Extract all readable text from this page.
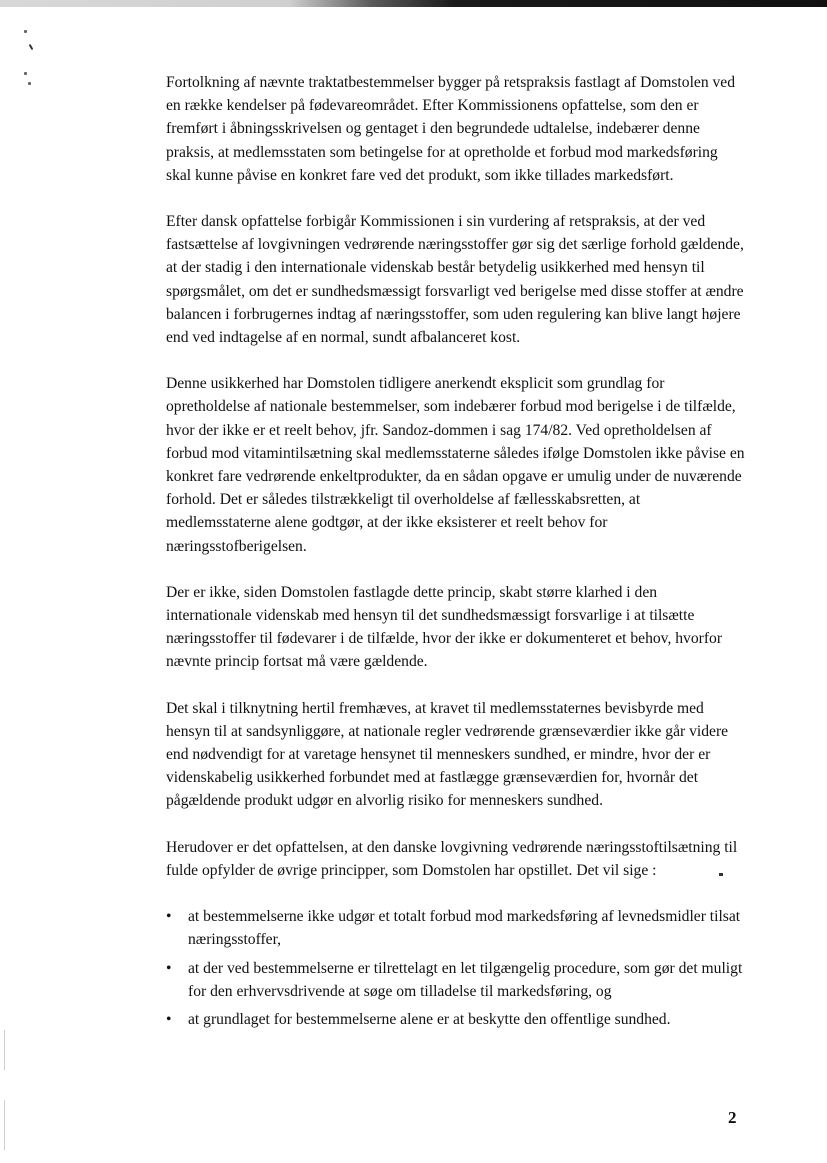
Fortolkning af nævnte traktatbestemmelser bygger på retspraksis fastlagt af Domstolen ved en række kendelser på fødevareområdet. Efter Kommissionens opfattelse, som den er fremført i åbningsskrivelsen og gentaget i den begrundede udtalelse, indebærer denne praksis, at medlemsstaten som betingelse for at opretholde et forbud mod markedsføring skal kunne påvise en konkret fare ved det produkt, som ikke tillades markedsført.

Efter dansk opfattelse forbigår Kommissionen i sin vurdering af retspraksis, at der ved fastsættelse af lovgivningen vedrørende næringsstoffer gør sig det særlige forhold gældende, at der stadig i den internationale videnskab består betydelig usikkerhed med hensyn til spørgsmålet, om det er sundhedsmæssigt forsvarligt ved berigelse med disse stoffer at ændre balancen i forbrugernes indtag af næringsstoffer, som uden regulering kan blive langt højere end ved indtagelse af en normal, sundt afbalanceret kost.

Denne usikkerhed har Domstolen tidligere anerkendt eksplicit som grundlag for opretholdelse af nationale bestemmelser, som indebærer forbud mod berigelse i de tilfælde, hvor der ikke er et reelt behov, jfr. Sandoz-dommen i sag 174/82. Ved opretholdelsen af forbud mod vitamintilsætning skal medlemsstaterne således ifølge Domstolen ikke påvise en konkret fare vedrørende enkeltprodukter, da en sådan opgave er umulig under de nuværende forhold. Det er således tilstrækkeligt til overholdelse af fællesskabsretten, at medlemsstaterne alene godtgør, at der ikke eksisterer et reelt behov for næringsstofberigelsen.

Der er ikke, siden Domstolen fastlagde dette princip, skabt større klarhed i den internationale videnskab med hensyn til det sundhedsmæssigt forsvarlige i at tilsætte næringsstoffer til fødevarer i de tilfælde, hvor der ikke er dokumenteret et behov, hvorfor nævnte princip fortsat må være gældende.

Det skal i tilknytning hertil fremhæves, at kravet til medlemsstaternes bevisbyrde med hensyn til at sandsynliggøre, at nationale regler vedrørende grænseværdier ikke går videre end nødvendigt for at varetage hensynet til menneskers sundhed, er mindre, hvor der er videnskabelig usikkerhed forbundet med at fastlægge grænseværdien for, hvornår det pågældende produkt udgør en alvorlig risiko for menneskers sundhed.

Herudover er det opfattelsen, at den danske lovgivning vedrørende næringsstoftilsætning til fulde opfylder de øvrige principper, som Domstolen har opstillet. Det vil sige :

• at bestemmelserne ikke udgør et totalt forbud mod markedsføring af levnedsmidler tilsat næringsstoffer,
• at der ved bestemmelserne er tilrettelagt en let tilgængelig procedure, som gør det muligt for den erhvervsdrivende at søge om tilladelse til markedsføring, og
• at grundlaget for bestemmelserne alene er at beskytte den offentlige sundhed.
2
